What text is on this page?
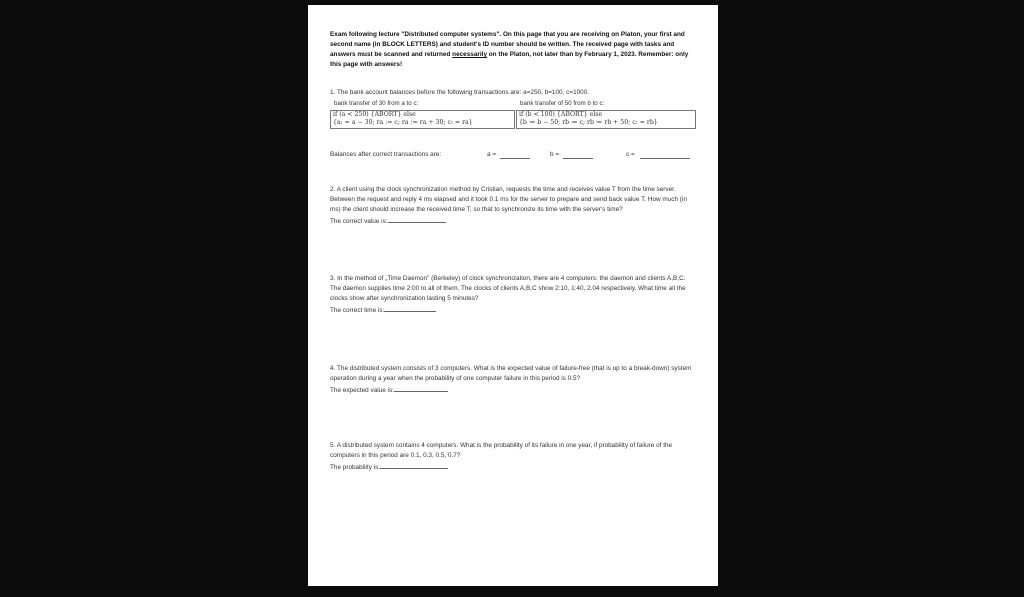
Exam following lecture "Distributed computer systems". On this page that you are receiving on Platon, your first and second name (in BLOCK LETTERS) and student's ID number should be written. The received page with tasks and answers must be scanned and returned necessarily on the Platon, not later than by February 1, 2023. Remember: only this page with answers!
1. The bank account balances before the following transactions are: a=250, b=100, c=1000.
bank transfer of 30 from a to c:
if (a < 250) {ABORT} else
{a: = a − 30; ra := c; ra := ra + 30; c: = ra}
bank transfer of 50 from b to c:
if (b < 100) {ABORT} else
{b ≔ b − 50; rb ≔ c; rb ≔ rb + 50; c: = rb}
Balances after correct transactions are:	a =	b =	c =

2. A client using the clock synchronization method by Cristian, requests the time and receives value T from the time server. Between the request and reply 4 ms elapsed and it took 0.1 ms for the server to prepare and send back value T. How much (in ms) the client should increase the received time T, so that to synchronize its time with the server's time?

The correct value is:

3. In the method of „Time Daemon" (Berkeley) of clock synchronization, there are 4 computers: the daemon and clients A,B,C. The daemon supplies time 2:00 to all of them. The clocks of clients A,B,C show 2:10, 1:40, 2.04 respectively. What time all the clocks show after synchronization lasting 5 minutes?

The correct time is:

4. The distributed system consists of 3 computers. What is the expected value of failure-free (that is up to a break-down) system operation during a year when the probability of one computer failure in this period is 0.5?

The expected value is:

5. A distributed system contains 4 computers. What is the probability of its failure in one year, if probability of failure of the computers in this period are 0.1, 0.3, 0.5, 0.7?

The probability is:
